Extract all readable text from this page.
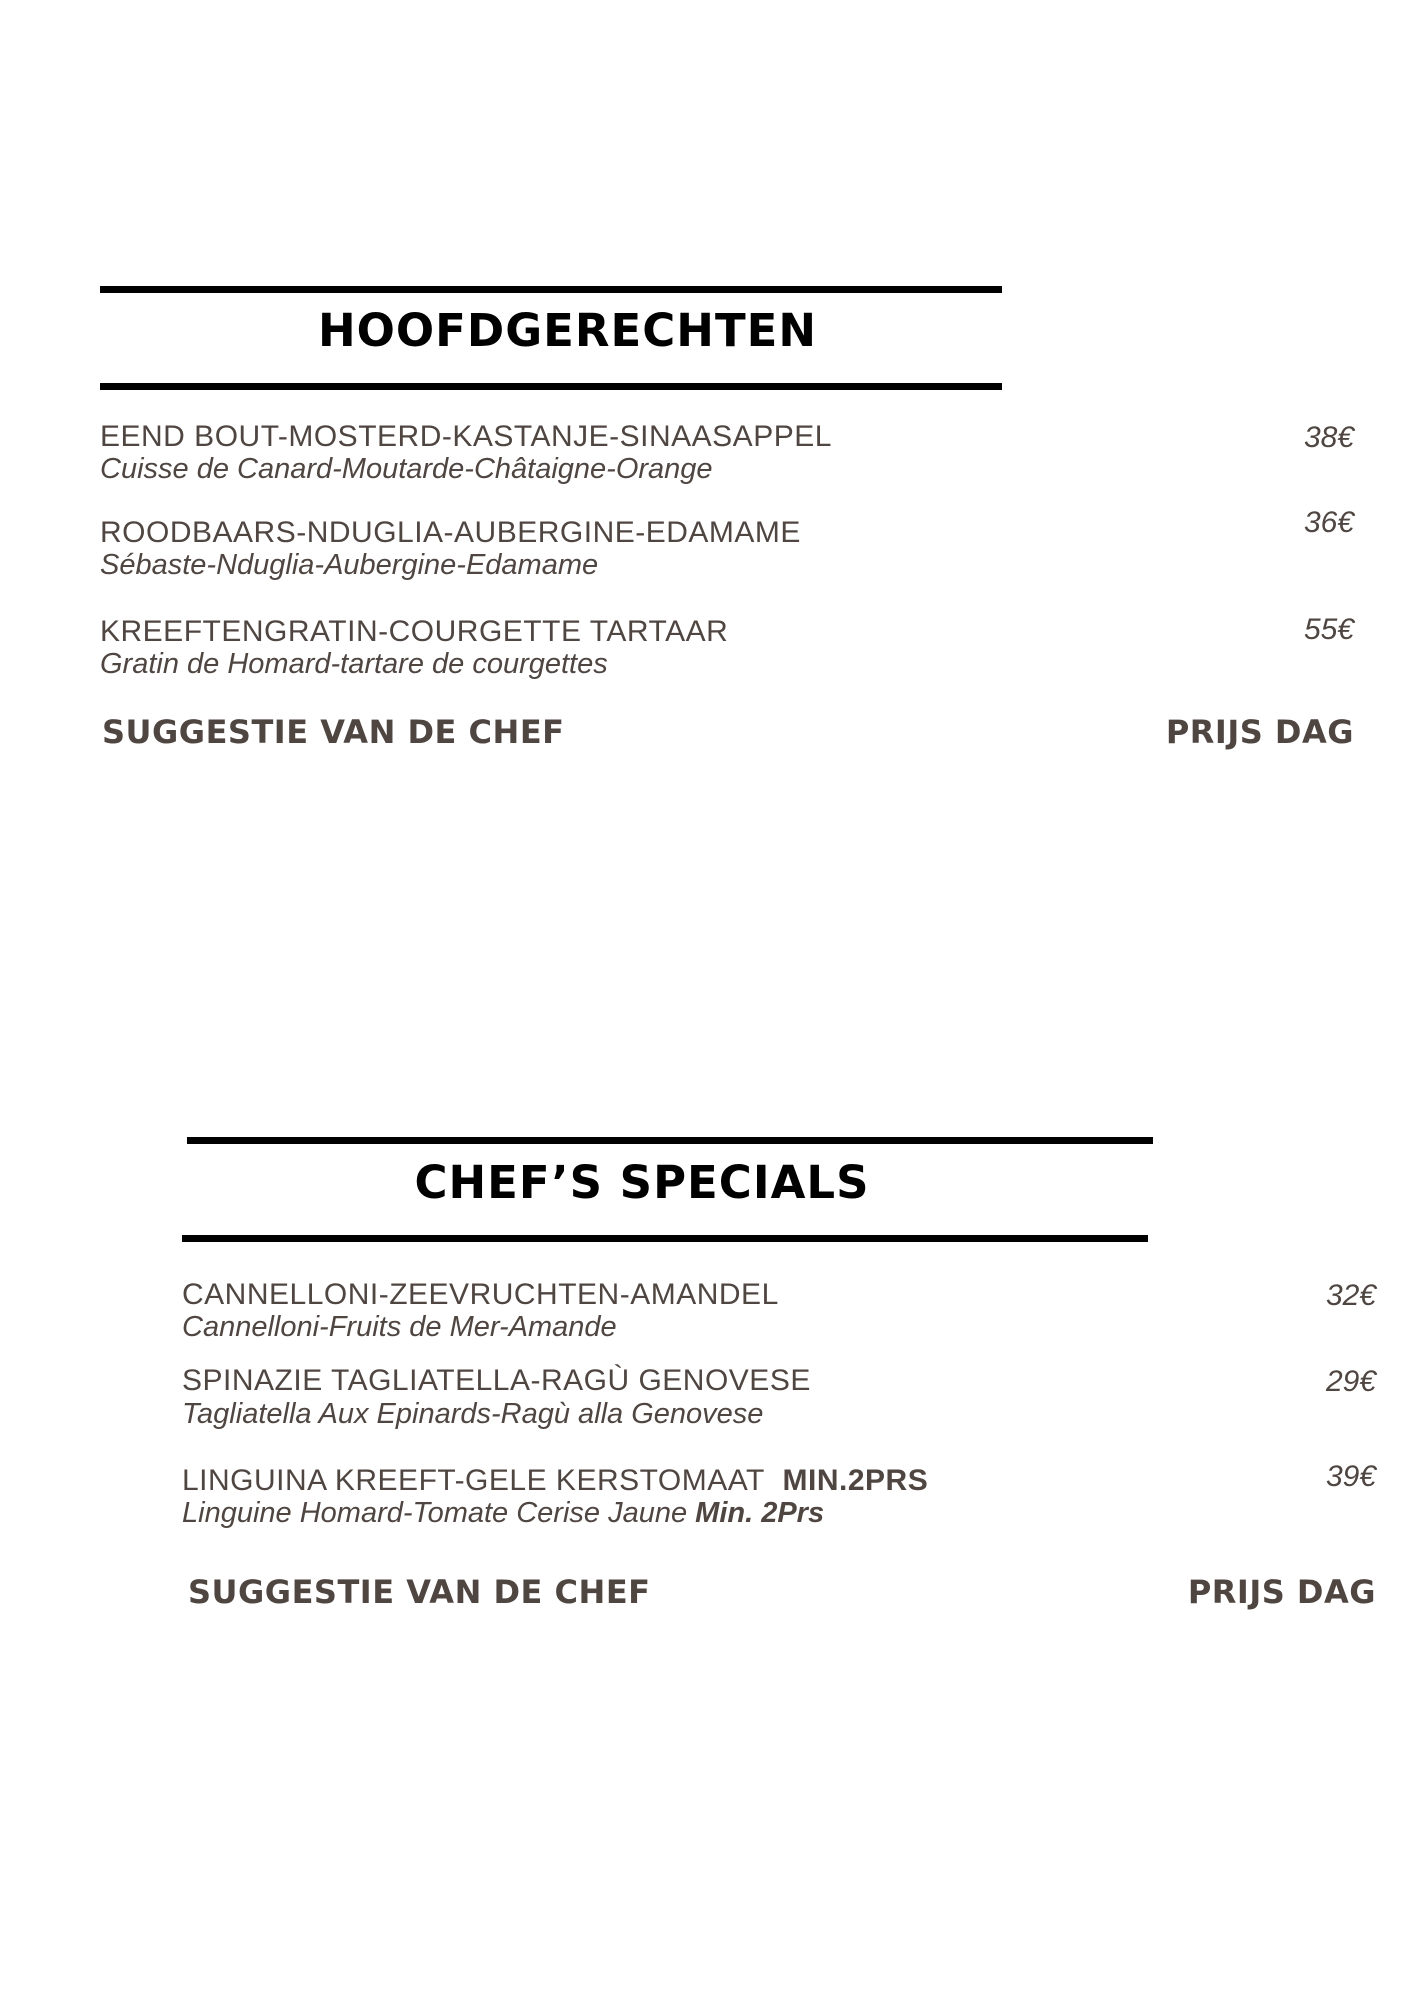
HOOFDGERECHTEN
EEND BOUT-MOSTERD-KASTANJE-SINAASAPPEL
Cuisse de Canard-Moutarde-Châtaigne-Orange
38€
ROODBAARS-NDUGLIA-AUBERGINE-EDAMAME
Sébaste-Nduglia-Aubergine-Edamame
36€
KREEFTENGRATIN-COURGETTE TARTAAR
Gratin de Homard-tartare de courgettes
55€
SUGGESTIE VAN DE CHEF	PRIJS DAG
CHEF’S SPECIALS
CANNELLONI-ZEEVRUCHTEN-AMANDEL
Cannelloni-Fruits de Mer-Amande
32€
SPINAZIE TAGLIATELLA-RAGÙ GENOVESE
Tagliatella Aux Epinards-Ragù alla Genovese
29€
LINGUINA KREEFT-GELE KERSTOMAAT MIN.2PRS
Linguine Homard-Tomate Cerise Jaune Min. 2Prs
39€
SUGGESTIE VAN DE CHEF	PRIJS DAG
